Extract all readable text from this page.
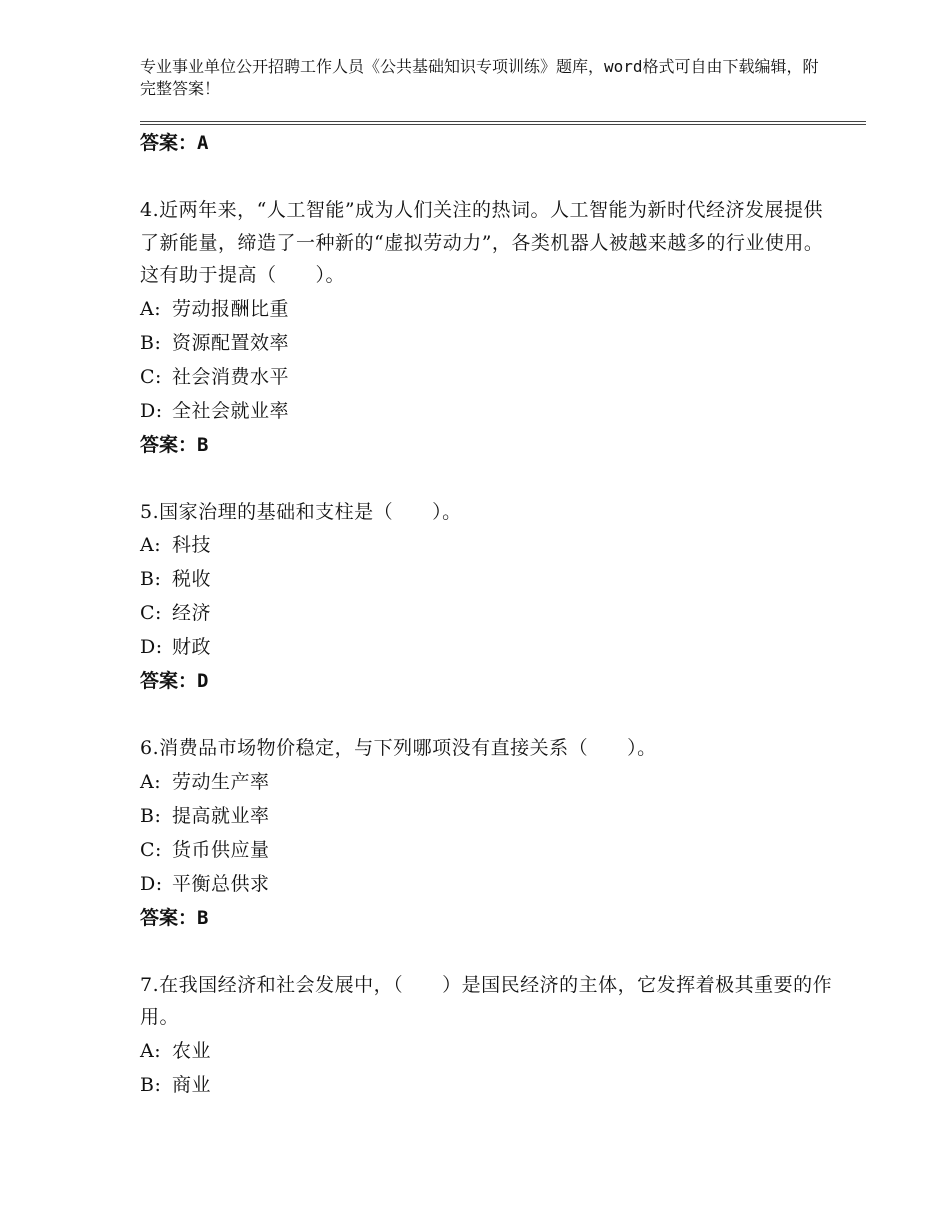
专业事业单位公开招聘工作人员《公共基础知识专项训练》题库，word格式可自由下载编辑，附完整答案！
答案：A
4.近两年来，“人工智能”成为人们关注的热词。人工智能为新时代经济发展提供了新能量，缔造了一种新的“虚拟劳动力”，各类机器人被越来越多的行业使用。这有助于提高（　　）。
A: 劳动报酬比重
B: 资源配置效率
C: 社会消费水平
D: 全社会就业率
答案：B
5.国家治理的基础和支柱是（　　）。
A: 科技
B: 税收
C: 经济
D: 财政
答案：D
6.消费品市场物价稳定，与下列哪项没有直接关系（　　）。
A: 劳动生产率
B: 提高就业率
C: 货币供应量
D: 平衡总供求
答案：B
7.在我国经济和社会发展中，（　　）是国民经济的主体，它发挥着极其重要的作用。
A: 农业
B: 商业
